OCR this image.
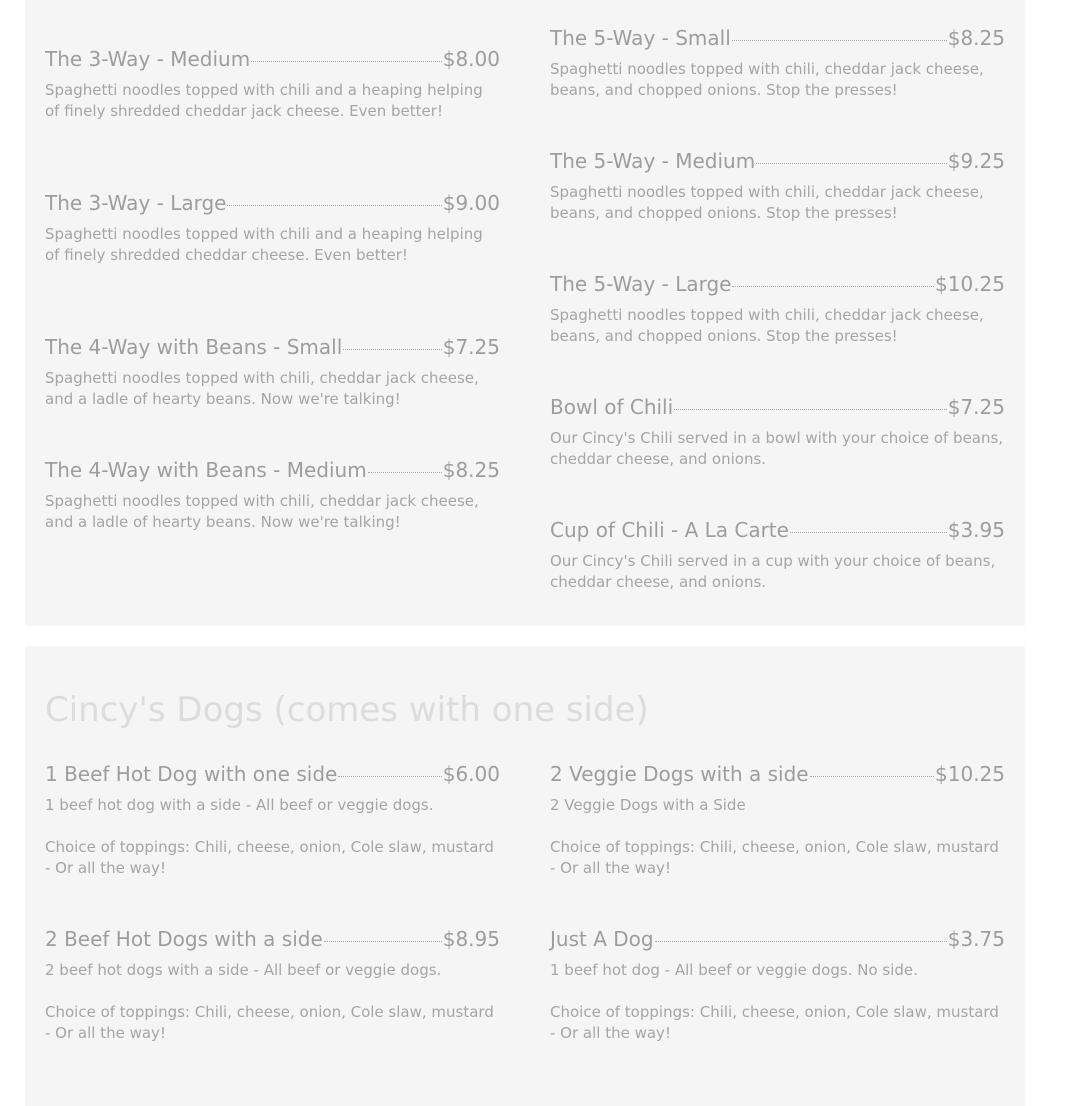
The 3-Way - Medium	$8.00
Spaghetti noodles topped with chili and a heaping helping of finely shredded cheddar jack cheese. Even better!
The 3-Way - Large	$9.00
Spaghetti noodles topped with chili and a heaping helping of finely shredded cheddar cheese. Even better!
The 4-Way with Beans - Small	$7.25
Spaghetti noodles topped with chili, cheddar jack cheese, and a ladle of hearty beans. Now we're talking!
The 4-Way with Beans - Medium	$8.25
Spaghetti noodles topped with chili, cheddar jack cheese, and a ladle of hearty beans. Now we're talking!
The 5-Way - Small	$8.25
Spaghetti noodles topped with chili, cheddar jack cheese, beans, and chopped onions. Stop the presses!
The 5-Way - Medium	$9.25
Spaghetti noodles topped with chili, cheddar jack cheese, beans, and chopped onions. Stop the presses!
The 5-Way - Large	$10.25
Spaghetti noodles topped with chili, cheddar jack cheese, beans, and chopped onions. Stop the presses!
Bowl of Chili	$7.25
Our Cincy's Chili served in a bowl with your choice of beans, cheddar cheese, and onions.
Cup of Chili - A La Carte	$3.95
Our Cincy's Chili served in a cup with your choice of beans, cheddar cheese, and onions.
Cincy's Dogs (comes with one side)
1 Beef Hot Dog with one side	$6.00
1 beef hot dog with a side - All beef or veggie dogs.
Choice of toppings: Chili, cheese, onion, Cole slaw, mustard - Or all the way!
2 Beef Hot Dogs with a side	$8.95
2 beef hot dogs with a side - All beef or veggie dogs.
Choice of toppings: Chili, cheese, onion, Cole slaw, mustard - Or all the way!
2 Veggie Dogs with a side	$10.25
2 Veggie Dogs with a Side
Choice of toppings: Chili, cheese, onion, Cole slaw, mustard - Or all the way!
Just A Dog	$3.75
1 beef hot dog - All beef or veggie dogs. No side.
Choice of toppings: Chili, cheese, onion, Cole slaw, mustard - Or all the way!
